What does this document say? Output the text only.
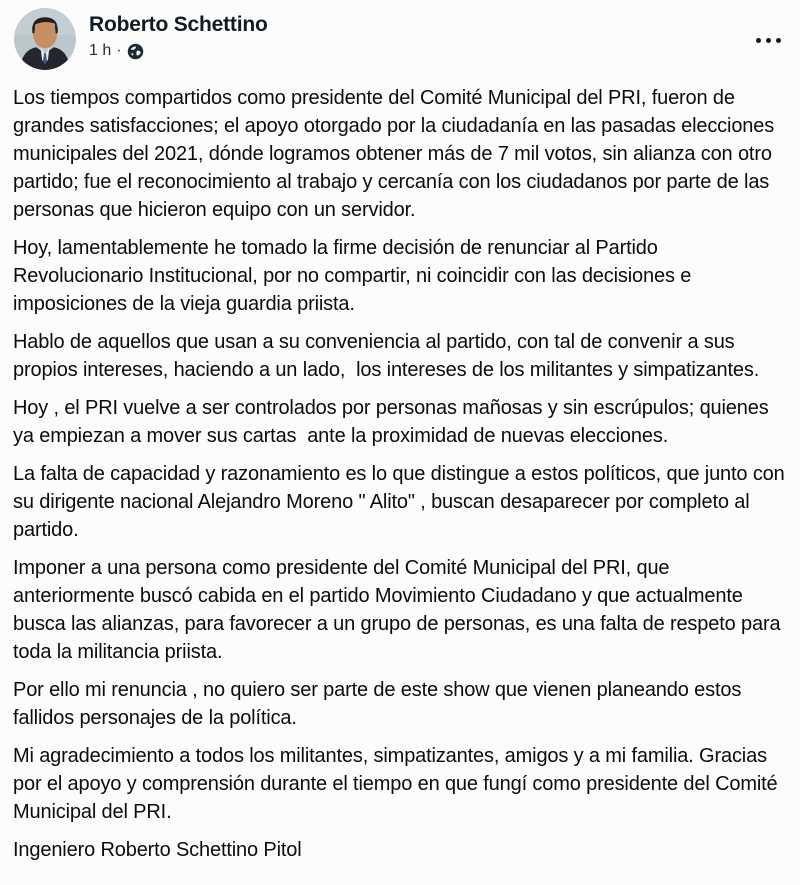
Roberto Schettino
1 h ·

Los tiempos compartidos como presidente del Comité Municipal del PRI, fueron de grandes satisfacciones; el apoyo otorgado por la ciudadanía en las pasadas elecciones municipales del 2021, dónde logramos obtener más de 7 mil votos, sin alianza con otro partido; fue el reconocimiento al trabajo y cercanía con los ciudadanos por parte de las personas que hicieron equipo con un servidor.

Hoy, lamentablemente he tomado la firme decisión de renunciar al Partido Revolucionario Institucional, por no compartir, ni coincidir con las decisiones e imposiciones de la vieja guardia priista.

Hablo de aquellos que usan a su conveniencia al partido, con tal de convenir a sus propios intereses, haciendo a un lado,  los intereses de los militantes y simpatizantes.

Hoy , el PRI vuelve a ser controlados por personas mañosas y sin escrúpulos; quienes ya empiezan a mover sus cartas  ante la proximidad de nuevas elecciones.

La falta de capacidad y razonamiento es lo que distingue a estos políticos, que junto con su dirigente nacional Alejandro Moreno " Alito" , buscan desaparecer por completo al partido.

Imponer a una persona como presidente del Comité Municipal del PRI, que anteriormente buscó cabida en el partido Movimiento Ciudadano y que actualmente busca las alianzas, para favorecer a un grupo de personas, es una falta de respeto para toda la militancia priista.

Por ello mi renuncia , no quiero ser parte de este show que vienen planeando estos fallidos personajes de la política.

Mi agradecimiento a todos los militantes, simpatizantes, amigos y a mi familia. Gracias por el apoyo y comprensión durante el tiempo en que fungí como presidente del Comité Municipal del PRI.

Ingeniero Roberto Schettino Pitol
